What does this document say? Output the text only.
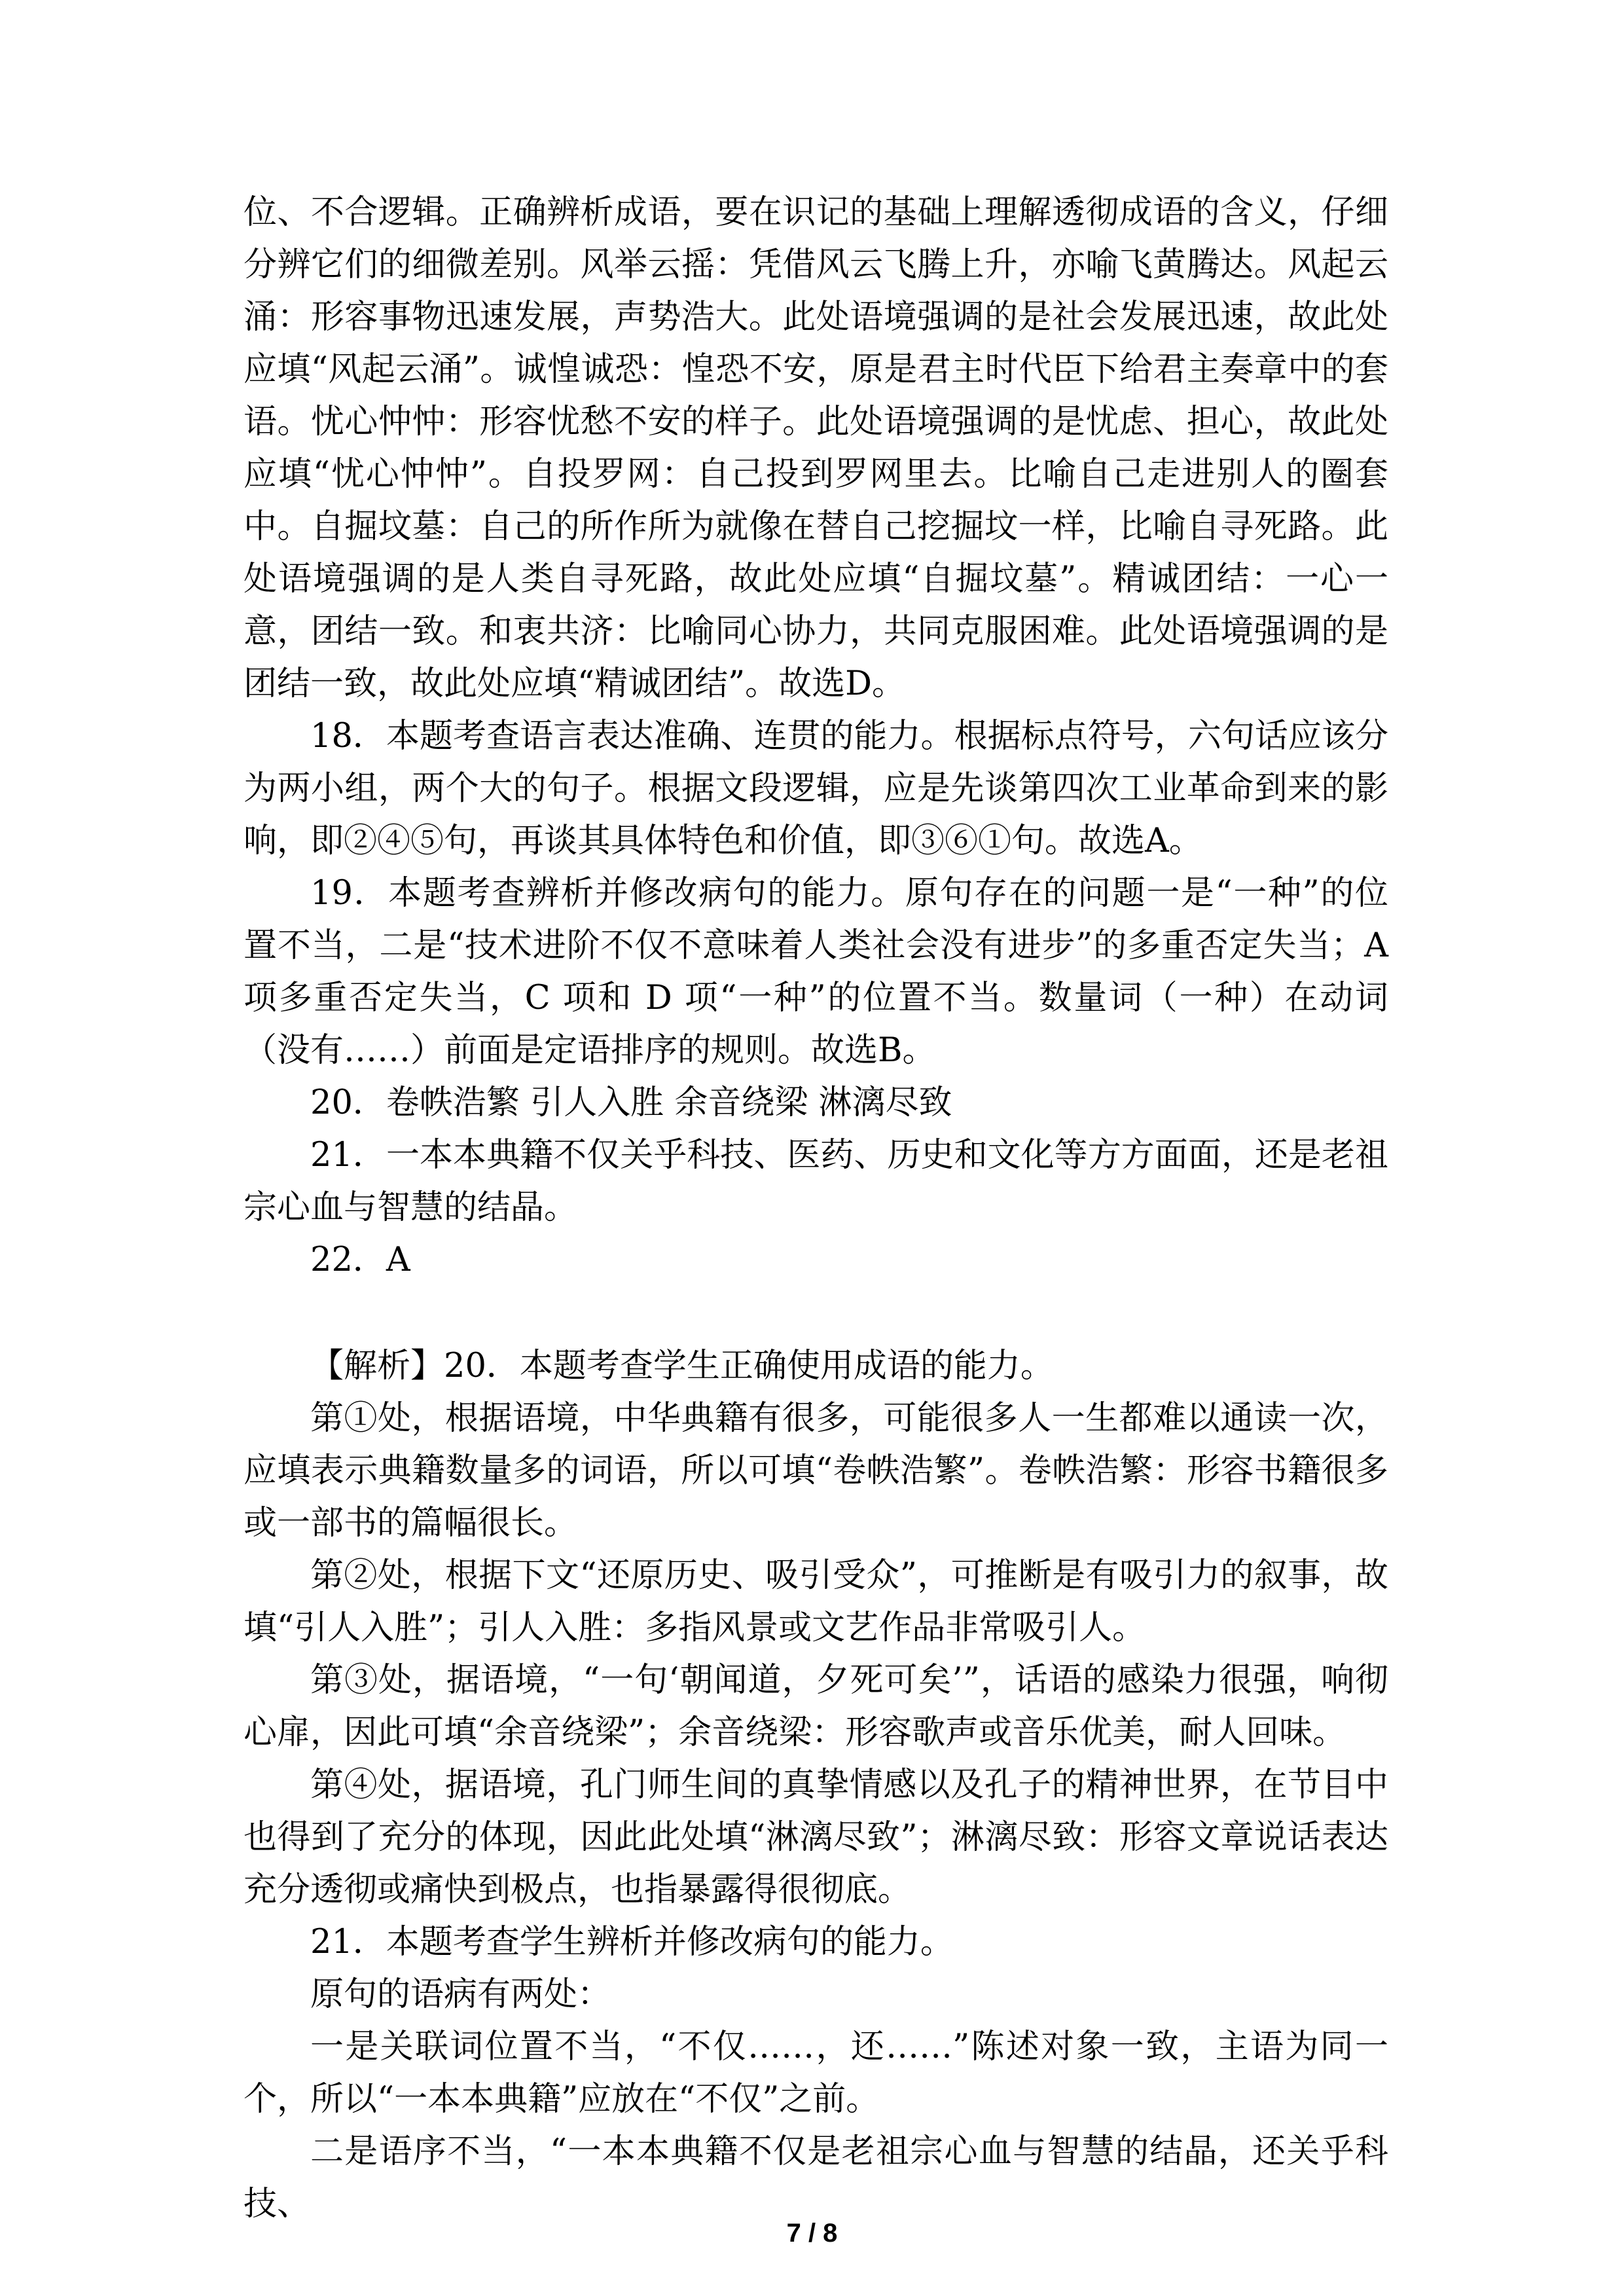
位、不合逻辑。正确辨析成语，要在识记的基础上理解透彻成语的含义，仔细分辨它们的细微差别。风举云摇：凭借风云飞腾上升，亦喻飞黄腾达。风起云涌：形容事物迅速发展，声势浩大。此处语境强调的是社会发展迅速，故此处应填“风起云涌”。诚惶诚恐：惶恐不安，原是君主时代臣下给君主奏章中的套语。忧心忡忡：形容忧愁不安的样子。此处语境强调的是忧虑、担心，故此处应填“忧心忡忡”。自投罗网：自己投到罗网里去。比喻自己走进别人的圈套中。自掘坟墓：自己的所作所为就像在替自己挖掘坟一样，比喻自寻死路。此处语境强调的是人类自寻死路，故此处应填“自掘坟墓”。精诚团结：一心一意，团结一致。和衷共济：比喻同心协力，共同克服困难。此处语境强调的是团结一致，故此处应填“精诚团结”。故选D。

18．本题考查语言表达准确、连贯的能力。根据标点符号，六句话应该分为两小组，两个大的句子。根据文段逻辑，应是先谈第四次工业革命到来的影响，即②④⑤句，再谈其具体特色和价值，即③⑥①句。故选A。

19．本题考查辨析并修改病句的能力。原句存在的问题一是“一种”的位置不当，二是“技术进阶不仅不意味着人类社会没有进步”的多重否定失当；A项多重否定失当，C 项和 D 项“一种”的位置不当。数量词（一种）在动词（没有……）前面是定语排序的规则。故选B。

20．卷帙浩繁 引人入胜 余音绕梁 淋漓尽致

21．一本本典籍不仅关乎科技、医药、历史和文化等方方面面，还是老祖宗心血与智慧的结晶。

22．A

【解析】20．本题考查学生正确使用成语的能力。

第①处，根据语境，中华典籍有很多，可能很多人一生都难以通读一次，应填表示典籍数量多的词语，所以可填“卷帙浩繁”。卷帙浩繁：形容书籍很多或一部书的篇幅很长。

第②处，根据下文“还原历史、吸引受众”，可推断是有吸引力的叙事，故填“引人入胜”；引人入胜：多指风景或文艺作品非常吸引人。

第③处，据语境，“一句‘朝闻道，夕死可矣’”，话语的感染力很强，响彻心扉，因此可填“余音绕梁”；余音绕梁：形容歌声或音乐优美，耐人回味。

第④处，据语境，孔门师生间的真挚情感以及孔子的精神世界，在节目中也得到了充分的体现，因此此处填“淋漓尽致”；淋漓尽致：形容文章说话表达充分透彻或痛快到极点，也指暴露得很彻底。

21．本题考查学生辨析并修改病句的能力。

原句的语病有两处：

一是关联词位置不当，“不仅……，还……”陈述对象一致，主语为同一个，所以“一本本典籍”应放在“不仅”之前。

二是语序不当，“一本本典籍不仅是老祖宗心血与智慧的结晶，还关乎科技、

7 / 8
